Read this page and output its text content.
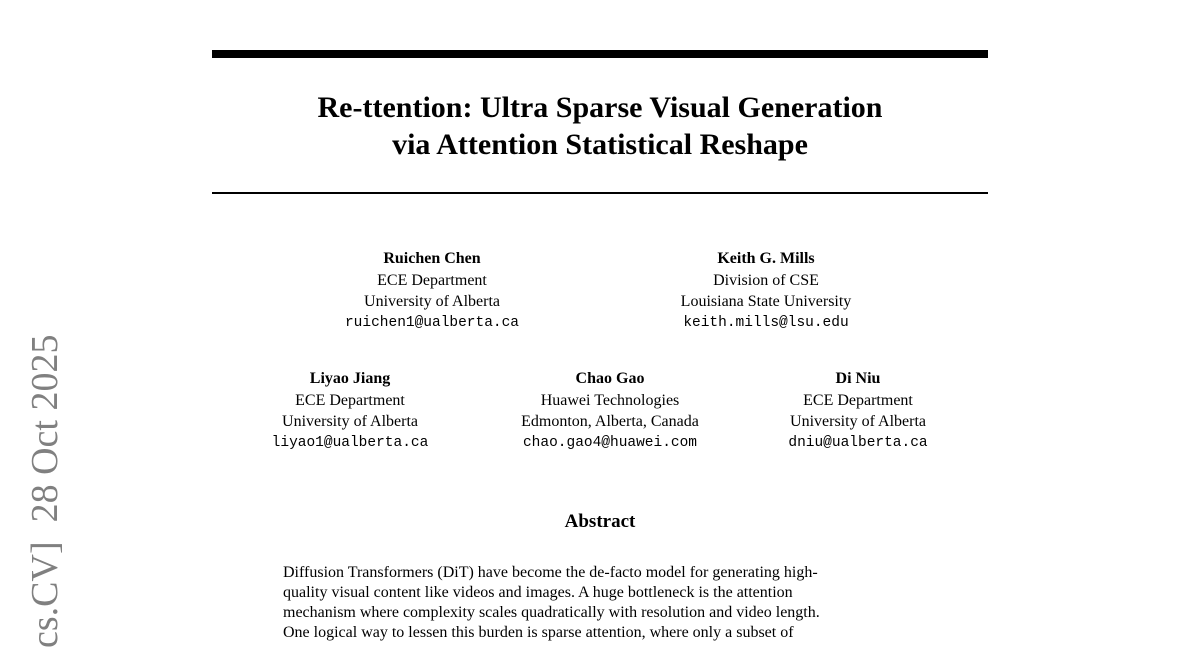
Re-ttention: Ultra Sparse Visual Generation
via Attention Statistical Reshape
Ruichen Chen
ECE Department
University of Alberta
ruichen1@ualberta.ca
Keith G. Mills
Division of CSE
Louisiana State University
keith.mills@lsu.edu
Liyao Jiang
ECE Department
University of Alberta
liyao1@ualberta.ca
Chao Gao
Huawei Technologies
Edmonton, Alberta, Canada
chao.gao4@huawei.com
Di Niu
ECE Department
University of Alberta
dniu@ualberta.ca
Abstract
Diffusion Transformers (DiT) have become the de-facto model for generating high-
quality visual content like videos and images. A huge bottleneck is the attention
mechanism where complexity scales quadratically with resolution and video length.
One logical way to lessen this burden is sparse attention, where only a subset of
cs.CV]  28 Oct 2025
